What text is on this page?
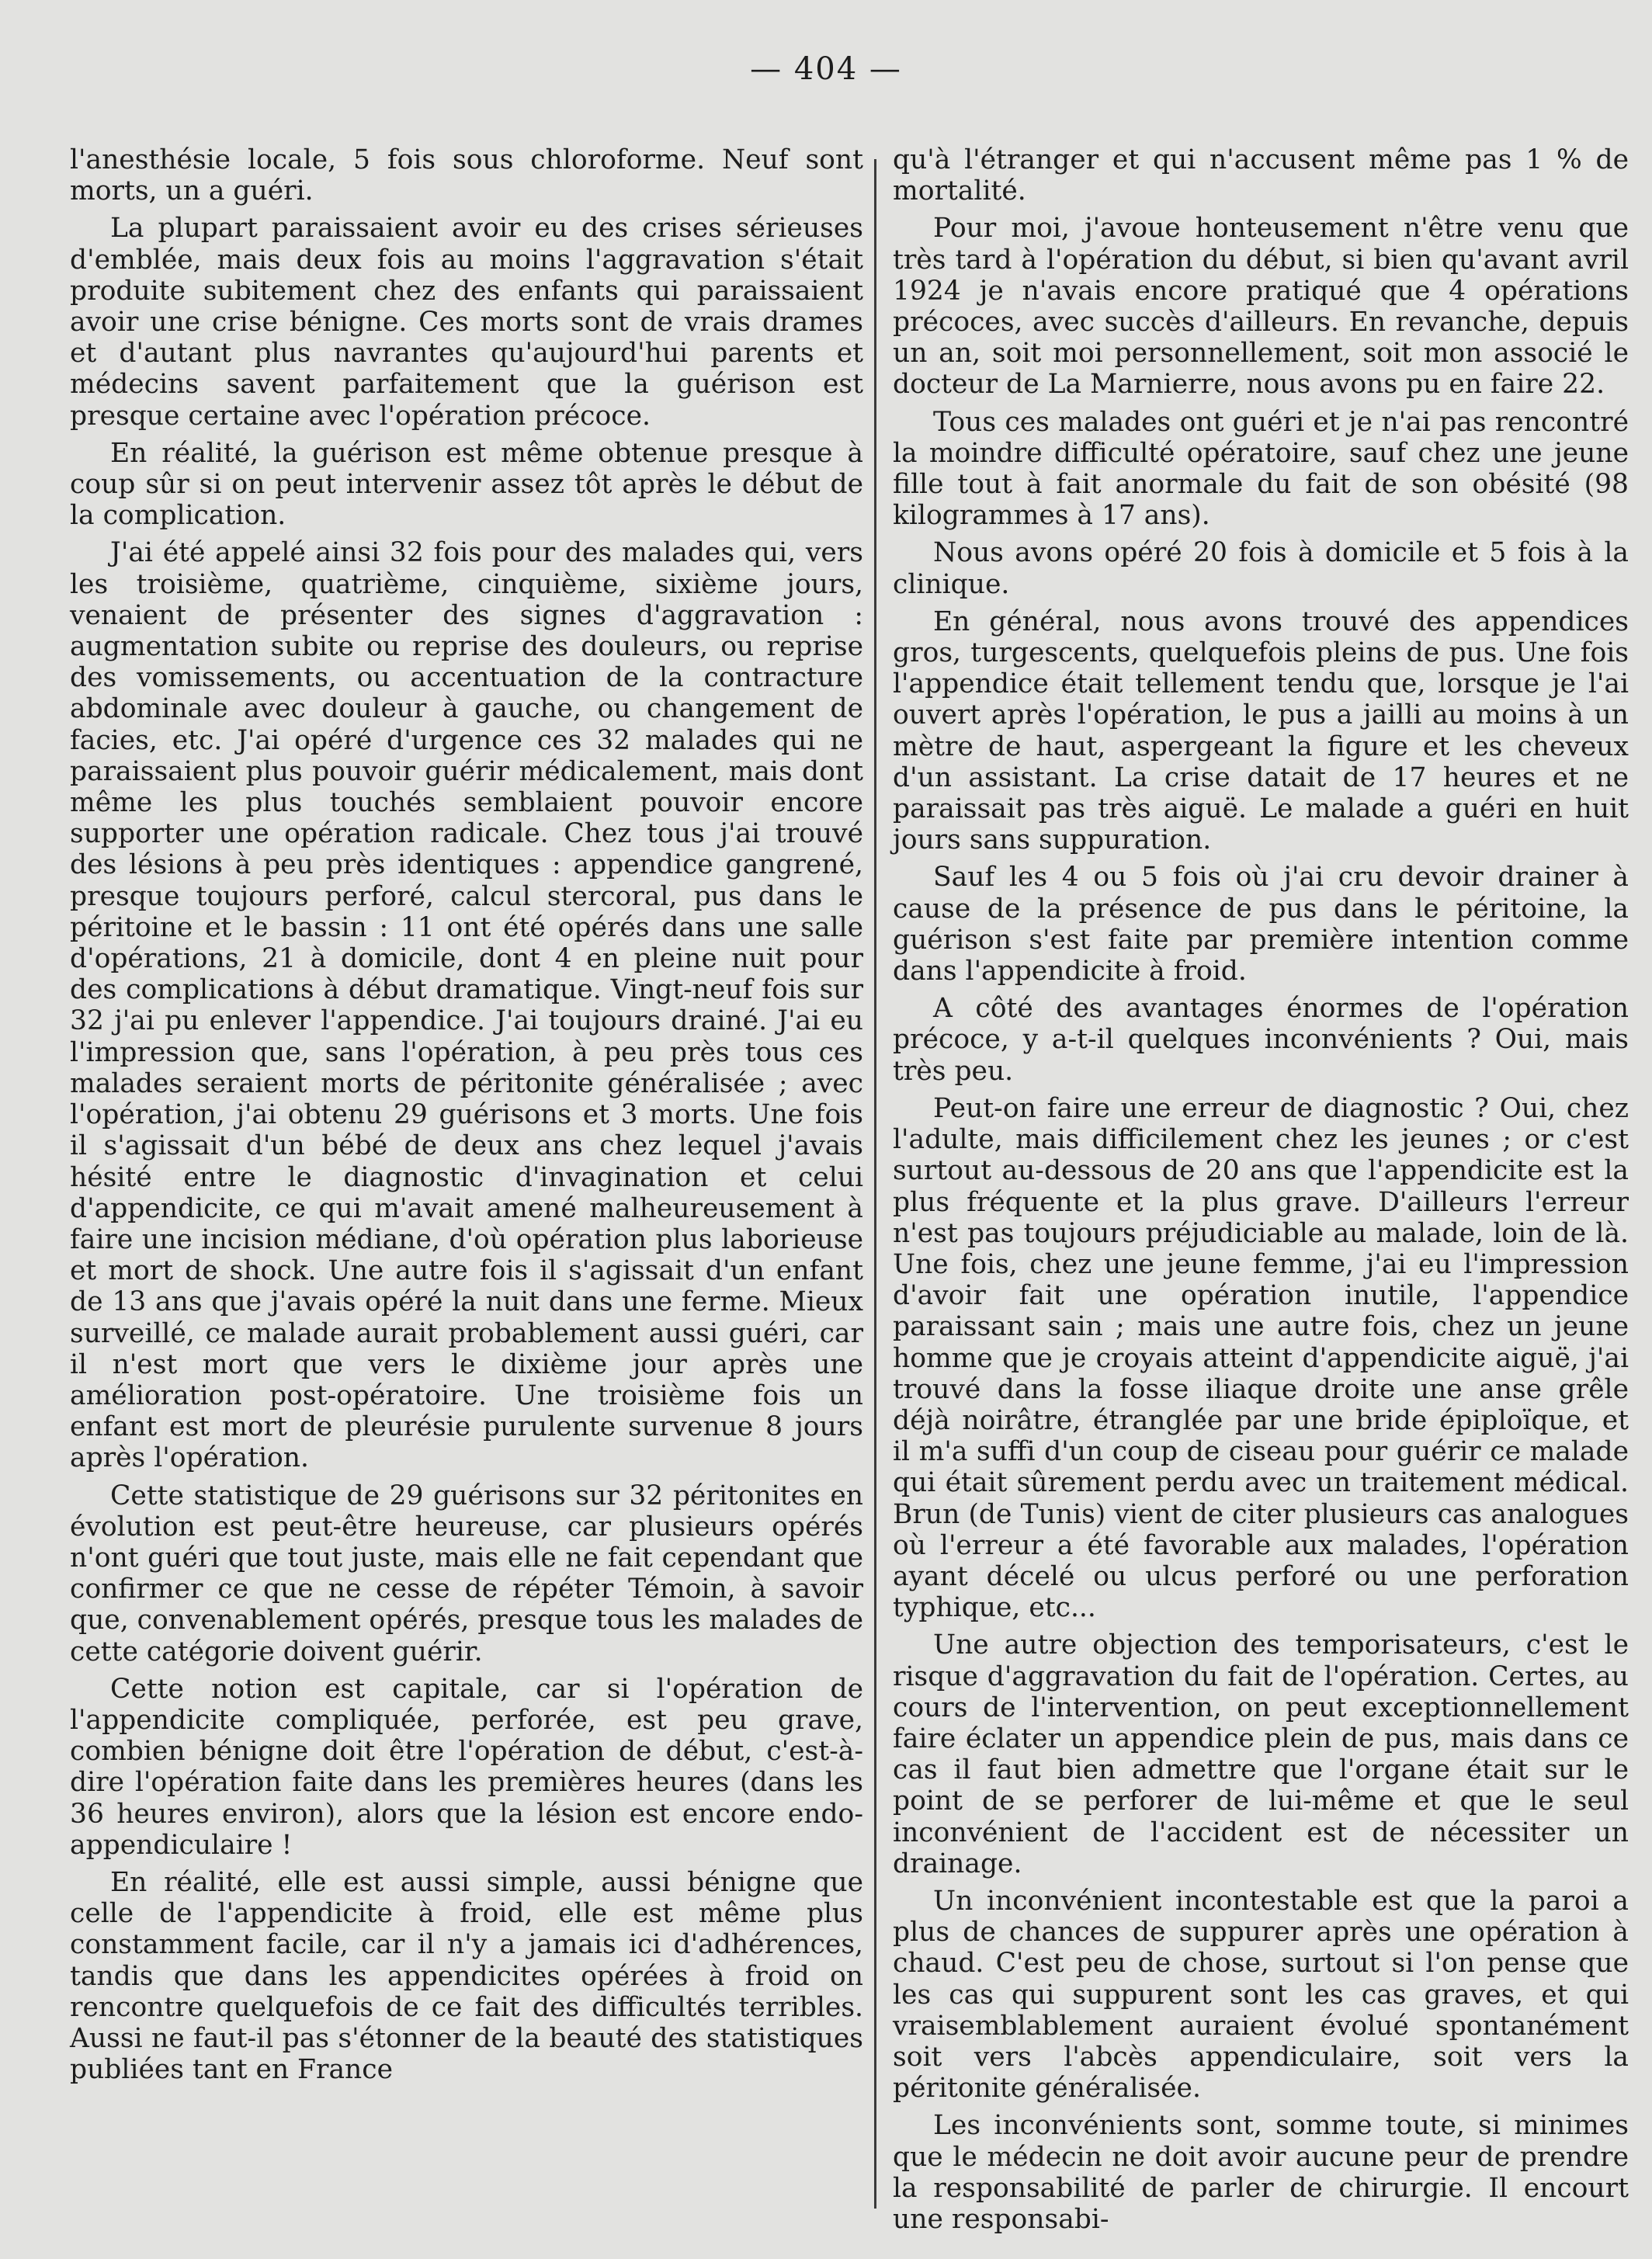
— 404 —

l'anesthésie locale, 5 fois sous chloroforme. Neuf sont morts, un a guéri.

La plupart paraissaient avoir eu des crises sérieuses d'emblée, mais deux fois au moins l'aggravation s'était produite subitement chez des enfants qui paraissaient avoir une crise bénigne. Ces morts sont de vrais drames et d'autant plus navrantes qu'aujourd'hui parents et médecins savent parfaitement que la guérison est presque certaine avec l'opération précoce.

En réalité, la guérison est même obtenue presque à coup sûr si on peut intervenir assez tôt après le début de la complication.

J'ai été appelé ainsi 32 fois pour des malades qui, vers les troisième, quatrième, cinquième, sixième jours, venaient de présenter des signes d'aggravation : augmentation subite ou reprise des douleurs, ou reprise des vomissements, ou accentuation de la contracture abdominale avec douleur à gauche, ou changement de facies, etc. J'ai opéré d'urgence ces 32 malades qui ne paraissaient plus pouvoir guérir médicalement, mais dont même les plus touchés semblaient pouvoir encore supporter une opération radicale. Chez tous j'ai trouvé des lésions à peu près identiques : appendice gangrené, presque toujours perforé, calcul stercoral, pus dans le péritoine et le bassin : 11 ont été opérés dans une salle d'opérations, 21 à domicile, dont 4 en pleine nuit pour des complications à début dramatique. Vingt-neuf fois sur 32 j'ai pu enlever l'appendice. J'ai toujours drainé. J'ai eu l'impression que, sans l'opération, à peu près tous ces malades seraient morts de péritonite généralisée ; avec l'opération, j'ai obtenu 29 guérisons et 3 morts. Une fois il s'agissait d'un bébé de deux ans chez lequel j'avais hésité entre le diagnostic d'invagination et celui d'appendicite, ce qui m'avait amené malheureusement à faire une incision médiane, d'où opération plus laborieuse et mort de shock. Une autre fois il s'agissait d'un enfant de 13 ans que j'avais opéré la nuit dans une ferme. Mieux surveillé, ce malade aurait probablement aussi guéri, car il n'est mort que vers le dixième jour après une amélioration post-opératoire. Une troisième fois un enfant est mort de pleurésie purulente survenue 8 jours après l'opération.

Cette statistique de 29 guérisons sur 32 péritonites en évolution est peut-être heureuse, car plusieurs opérés n'ont guéri que tout juste, mais elle ne fait cependant que confirmer ce que ne cesse de répéter Témoin, à savoir que, convenablement opérés, presque tous les malades de cette catégorie doivent guérir.

Cette notion est capitale, car si l'opération de l'appendicite compliquée, perforée, est peu grave, combien bénigne doit être l'opération de début, c'est-à-dire l'opération faite dans les premières heures (dans les 36 heures environ), alors que la lésion est encore endo-appendiculaire !

En réalité, elle est aussi simple, aussi bénigne que celle de l'appendicite à froid, elle est même plus constamment facile, car il n'y a jamais ici d'adhérences, tandis que dans les appendicites opérées à froid on rencontre quelquefois de ce fait des difficultés terribles. Aussi ne faut-il pas s'étonner de la beauté des statistiques publiées tant en France

qu'à l'étranger et qui n'accusent même pas 1 % de mortalité.

Pour moi, j'avoue honteusement n'être venu que très tard à l'opération du début, si bien qu'avant avril 1924 je n'avais encore pratiqué que 4 opérations précoces, avec succès d'ailleurs. En revanche, depuis un an, soit moi personnellement, soit mon associé le docteur de La Marnierre, nous avons pu en faire 22.

Tous ces malades ont guéri et je n'ai pas rencontré la moindre difficulté opératoire, sauf chez une jeune fille tout à fait anormale du fait de son obésité (98 kilogrammes à 17 ans).

Nous avons opéré 20 fois à domicile et 5 fois à la clinique.

En général, nous avons trouvé des appendices gros, turgescents, quelquefois pleins de pus. Une fois l'appendice était tellement tendu que, lorsque je l'ai ouvert après l'opération, le pus a jailli au moins à un mètre de haut, aspergeant la figure et les cheveux d'un assistant. La crise datait de 17 heures et ne paraissait pas très aiguë. Le malade a guéri en huit jours sans suppuration.

Sauf les 4 ou 5 fois où j'ai cru devoir drainer à cause de la présence de pus dans le péritoine, la guérison s'est faite par première intention comme dans l'appendicite à froid.

A côté des avantages énormes de l'opération précoce, y a-t-il quelques inconvénients ? Oui, mais très peu.

Peut-on faire une erreur de diagnostic ? Oui, chez l'adulte, mais difficilement chez les jeunes ; or c'est surtout au-dessous de 20 ans que l'appendicite est la plus fréquente et la plus grave. D'ailleurs l'erreur n'est pas toujours préjudiciable au malade, loin de là. Une fois, chez une jeune femme, j'ai eu l'impression d'avoir fait une opération inutile, l'appendice paraissant sain ; mais une autre fois, chez un jeune homme que je croyais atteint d'appendicite aiguë, j'ai trouvé dans la fosse iliaque droite une anse grêle déjà noirâtre, étranglée par une bride épiploïque, et il m'a suffi d'un coup de ciseau pour guérir ce malade qui était sûrement perdu avec un traitement médical. Brun (de Tunis) vient de citer plusieurs cas analogues où l'erreur a été favorable aux malades, l'opération ayant décelé ou ulcus perforé ou une perforation typhique, etc...

Une autre objection des temporisateurs, c'est le risque d'aggravation du fait de l'opération. Certes, au cours de l'intervention, on peut exceptionnellement faire éclater un appendice plein de pus, mais dans ce cas il faut bien admettre que l'organe était sur le point de se perforer de lui-même et que le seul inconvénient de l'accident est de nécessiter un drainage.

Un inconvénient incontestable est que la paroi a plus de chances de suppurer après une opération à chaud. C'est peu de chose, surtout si l'on pense que les cas qui suppurent sont les cas graves, et qui vraisemblablement auraient évolué spontanément soit vers l'abcès appendiculaire, soit vers la péritonite généralisée.

Les inconvénients sont, somme toute, si minimes que le médecin ne doit avoir aucune peur de prendre la responsabilité de parler de chirurgie. Il encourt une responsabi-
